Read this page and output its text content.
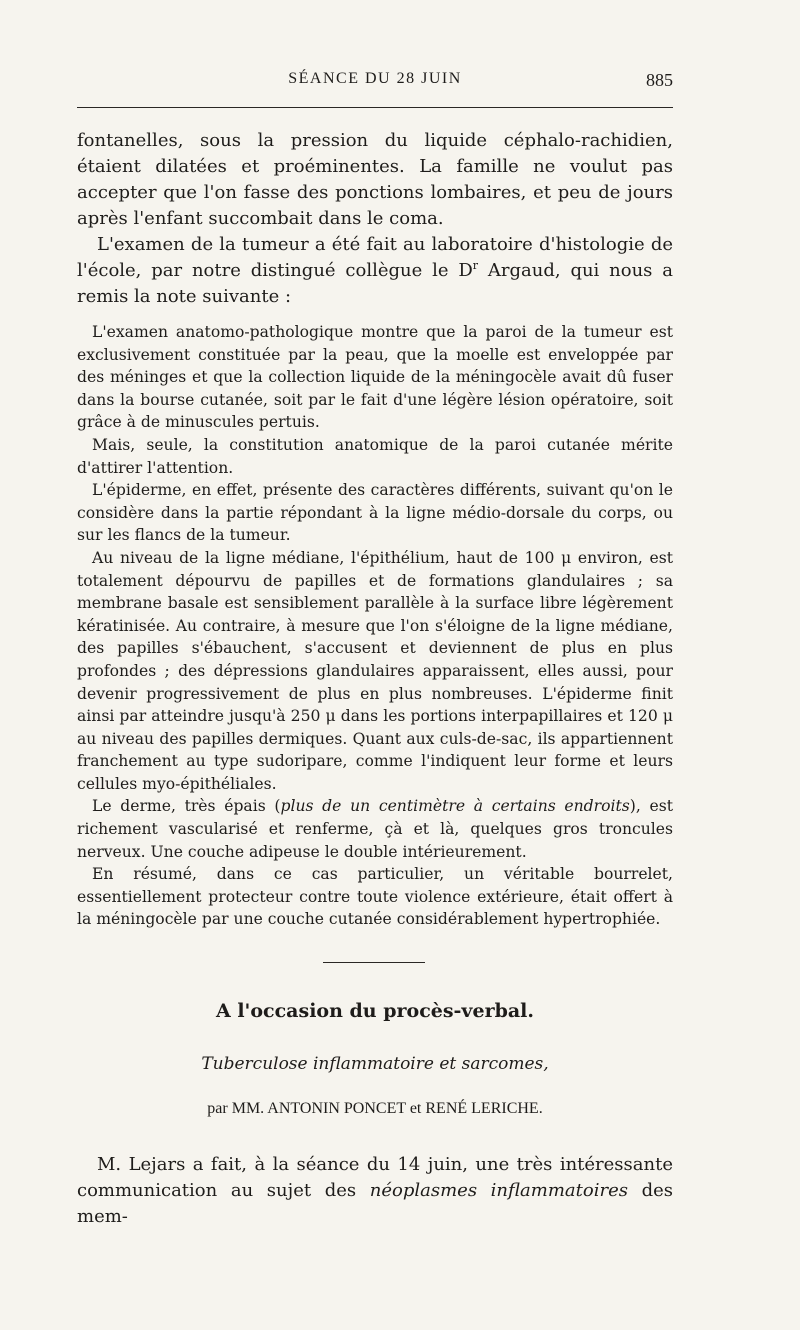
SÉANCE DU 28 JUIN	885

fontanelles, sous la pression du liquide céphalo-rachidien, étaient dilatées et proéminentes. La famille ne voulut pas accepter que l'on fasse des ponctions lombaires, et peu de jours après l'enfant succombait dans le coma.

L'examen de la tumeur a été fait au laboratoire d'histologie de l'école, par notre distingué collègue le $D^r$ Argaud, qui nous a remis la note suivante :

L'examen anatomo-pathologique montre que la paroi de la tumeur est exclusivement constituée par la peau, que la moelle est enveloppée par des méninges et que la collection liquide de la méningocèle avait dû fuser dans la bourse cutanée, soit par le fait d'une légère lésion opératoire, soit grâce à de minuscules pertuis.

Mais, seule, la constitution anatomique de la paroi cutanée mérite d'attirer l'attention.

L'épiderme, en effet, présente des caractères différents, suivant qu'on le considère dans la partie répondant à la ligne médio-dorsale du corps, ou sur les flancs de la tumeur.

Au niveau de la ligne médiane, l'épithélium, haut de 100 μ environ, est totalement dépourvu de papilles et de formations glandulaires ; sa membrane basale est sensiblement parallèle à la surface libre légèrement kératinisée. Au contraire, à mesure que l'on s'éloigne de la ligne médiane, des papilles s'ébauchent, s'accusent et deviennent de plus en plus profondes ; des dépressions glandulaires apparaissent, elles aussi, pour devenir progressivement de plus en plus nombreuses. L'épiderme finit ainsi par atteindre jusqu'à 250 μ dans les portions interpapillaires et 120 μ au niveau des papilles dermiques. Quant aux culs-de-sac, ils appartiennent franchement au type sudoripare, comme l'indiquent leur forme et leurs cellules myo-épithéliales.

Le derme, très épais (plus de un centimètre à certains endroits), est richement vascularisé et renferme, çà et là, quelques gros troncules nerveux. Une couche adipeuse le double intérieurement.

En résumé, dans ce cas particulier, un véritable bourrelet, essentiellement protecteur contre toute violence extérieure, était offert à la méningocèle par une couche cutanée considérablement hypertrophiée.

A l'occasion du procès-verbal.
Tuberculose inflammatoire et sarcomes,
par MM. ANTONIN PONCET et RENÉ LERICHE.

M. Lejars a fait, à la séance du 14 juin, une très intéressante communication au sujet des néoplasmes inflammatoires des mem-
